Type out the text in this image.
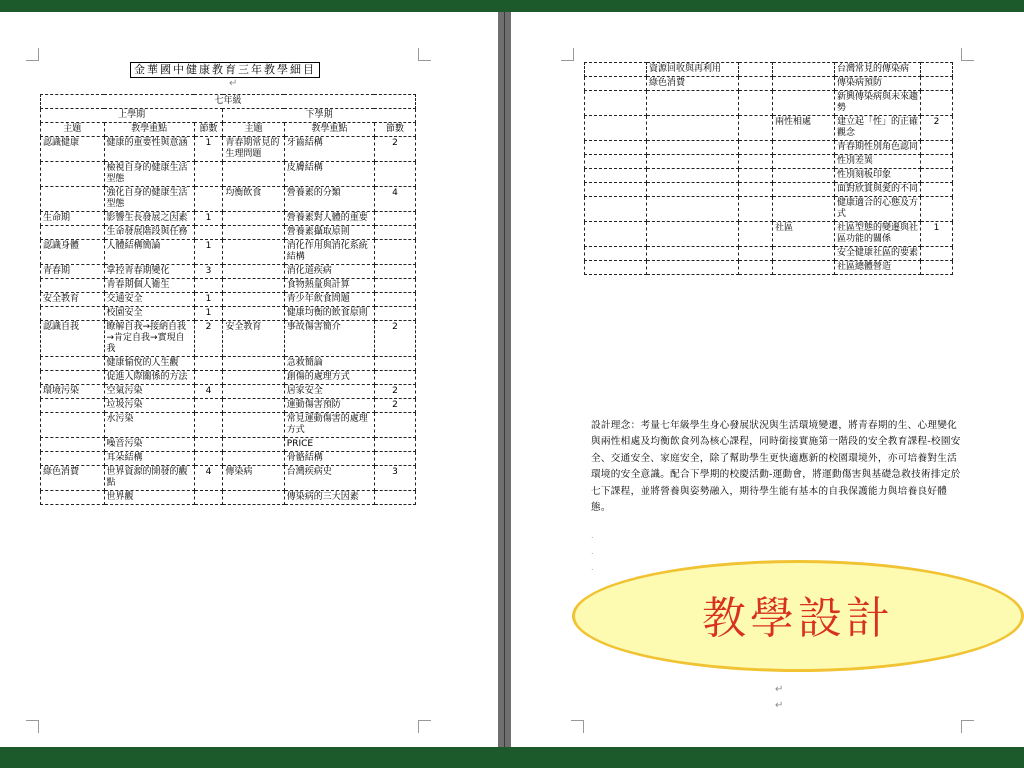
金華國中健康教育三年教學細目
↵
七年級					
上學期			下學期		
主題	教學重點	節數	主題	教學重點	節數
認識健康	健康的重要性與意涵	1	青春期常見的生理問題	牙齒結構	2
	檢視自身的健康生活型態			皮膚結構	
	強化自身的健康生活型態		均衡飲食	營養素的分類	4
生命期	影響生長發展之因素	1		營養素對人體的重要	
	生命發展階段與任務			營養素攝取原則	
認識身體	人體結構簡論	1		消化作用與消化系統結構	
青春期	掌控青春期變化	3		消化道疾病	
	青春期個人衛生			食物熱量與計算	
安全教育	交通安全	1		青少年飲食問題	
	校園安全	1		健康均衡的飲食原則	
認識自我	瞭解自我→接納自我→肯定自我→實現自我	2	安全教育	事故傷害簡介	2
	健康愉悅的人生觀			急救簡論	
	促進人際關係的方法			創傷的處理方式	
環境污染	空氣污染	4		居家安全	2
	垃圾污染			運動傷害預防	2
	水污染			常見運動傷害的處理方式	
	噪音污染			PRICE	
	耳朵結構			骨骼結構	
綠色消費	世界資源的開發的觀點	4	傳染病	台灣疾病史	3
	世界觀			傳染病的三大因素	
↵
↵
	資源回收與再利用			台灣常見的傳染病	
	綠色消費			傳染病預防	
				新興傳染病與未來趨勢	
			兩性相處	建立起「性」的正確觀念	2
				青春期性別角色認同	
				性別差異	
				性別刻板印象	
				面對欣賞與愛的不同	
				健康適合的心態及方式	
			社區	社區型態的變遷與社區功能的關係	1
				安全健康社區的要素	
				社區總體營造	
設計理念：考量七年級學生身心發展狀況與生活環境變遷，將青春期的生、心理變化與兩性相處及均衡飲食列為核心課程，同時銜接實施第一階段的安全教育課程-校園安全、交通安全、家庭安全，除了幫助學生更快適應新的校園環境外，亦可培養對生活環境的安全意識。配合下學期的校慶活動-運動會，將運動傷害與基礎急救技術排定於七下課程，並將營養與姿勢融入，期待學生能有基本的自我保護能力與培養良好體態。
.
.
.
教學設計
